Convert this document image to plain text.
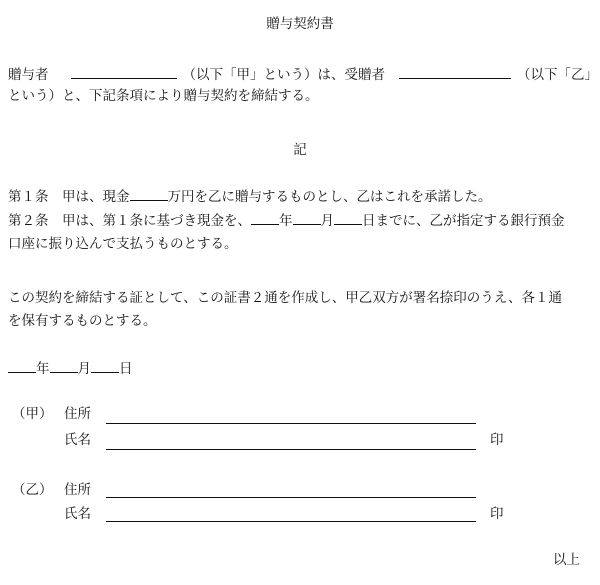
贈与契約書
贈与者	（以下「甲」という）は、受贈者	（以下「乙」
という）と、下記条項により贈与契約を締結する。
記
第１条　甲は、現金	万円を乙に贈与するものとし、乙はこれを承諾した。
第２条　甲は、第１条に基づき現金を、 年 月 日までに、乙が指定する銀行預金
口座に振り込んで支払うものとする。
この契約を締結する証として、この証書２通を作成し、甲乙双方が署名捺印のうえ、各１通
を保有するものとする。
年 月 日
（甲） 住所
氏名	印
（乙） 住所
氏名	印
以上
